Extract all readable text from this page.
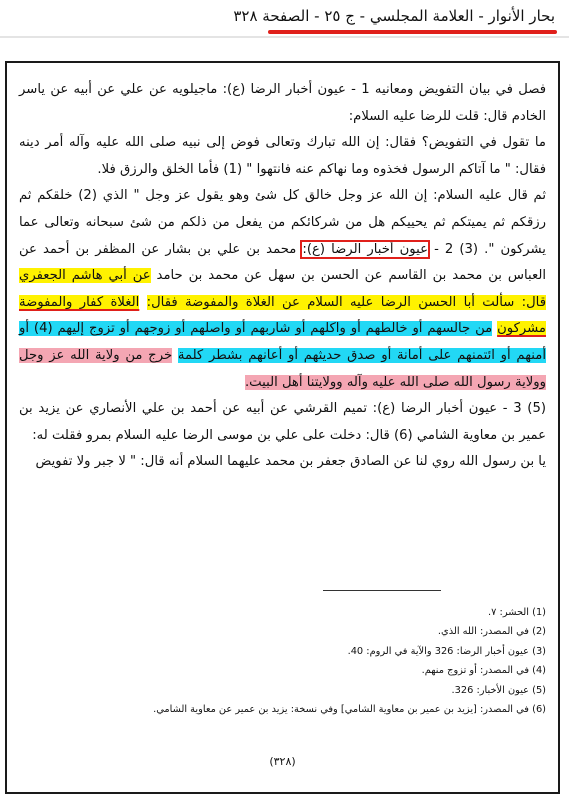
بحار الأنوار - العلامة المجلسي - ج ٢٥ - الصفحة ٣٢٨

فصل في بيان التفويض ومعانيه 1 - عيون أخبار الرضا (ع): ماجيلويه عن علي عن أبيه عن ياسر الخادم قال: قلت للرضا عليه السلام:

ما تقول في التفويض؟ فقال: إن الله تبارك وتعالى فوض إلى نبيه صلى الله عليه وآله أمر دينه فقال: " ما آتاكم الرسول فخذوه وما نهاكم عنه فانتهوا " (1) فأما الخلق والرزق فلا.

ثم قال عليه السلام: إن الله عز وجل خالق كل شئ وهو يقول عز وجل " الذي (2) خلقكم ثم رزقكم ثم يميتكم ثم يحييكم هل من شركائكم من يفعل من ذلكم من شئ سبحانه وتعالى عما يشركون ". (3) 2 - عيون أخبار الرضا (ع): محمد بن علي بن بشار عن المظفر بن أحمد عن العباس بن محمد بن القاسم عن الحسن بن سهل عن محمد بن حامد عن أبي هاشم الجعفري قال: سألت أبا الحسن الرضا عليه السلام عن الغلاة والمفوضة فقال: الغلاة كفار والمفوضة مشركون من جالسهم أو خالطهم أو واكلهم أو شاربهم أو واصلهم أو زوجهم أو تزوج إليهم (4) أو أمنهم أو ائتمنهم على أمانة أو صدق حديثهم أو أعانهم بشطر كلمة خرج من ولاية الله عز وجل وولاية رسول الله صلى الله عليه وآله وولايتنا أهل البيت.

(5) 3 - عيون أخبار الرضا (ع): تميم القرشي عن أبيه عن أحمد بن علي الأنصاري عن يزيد بن عمير بن معاوية الشامي (6) قال: دخلت على علي بن موسى الرضا عليه السلام بمرو فقلت له:

يا بن رسول الله روي لنا عن الصادق جعفر بن محمد عليهما السلام أنه قال: " لا جبر ولا تفويض

(1) الحشر: ٧.
(2) في المصدر: الله الذي.
(3) عيون أخبار الرضا: 326 والآية في الروم: 40.
(4) في المصدر: أو تزوج منهم.
(5) عيون الأخبار: 326.
(6) في المصدر: [يزيد بن عمير بن معاوية الشامي] وفي نسخة: يزيد بن عمير عن معاوية الشامي.
(٣٢٨)
